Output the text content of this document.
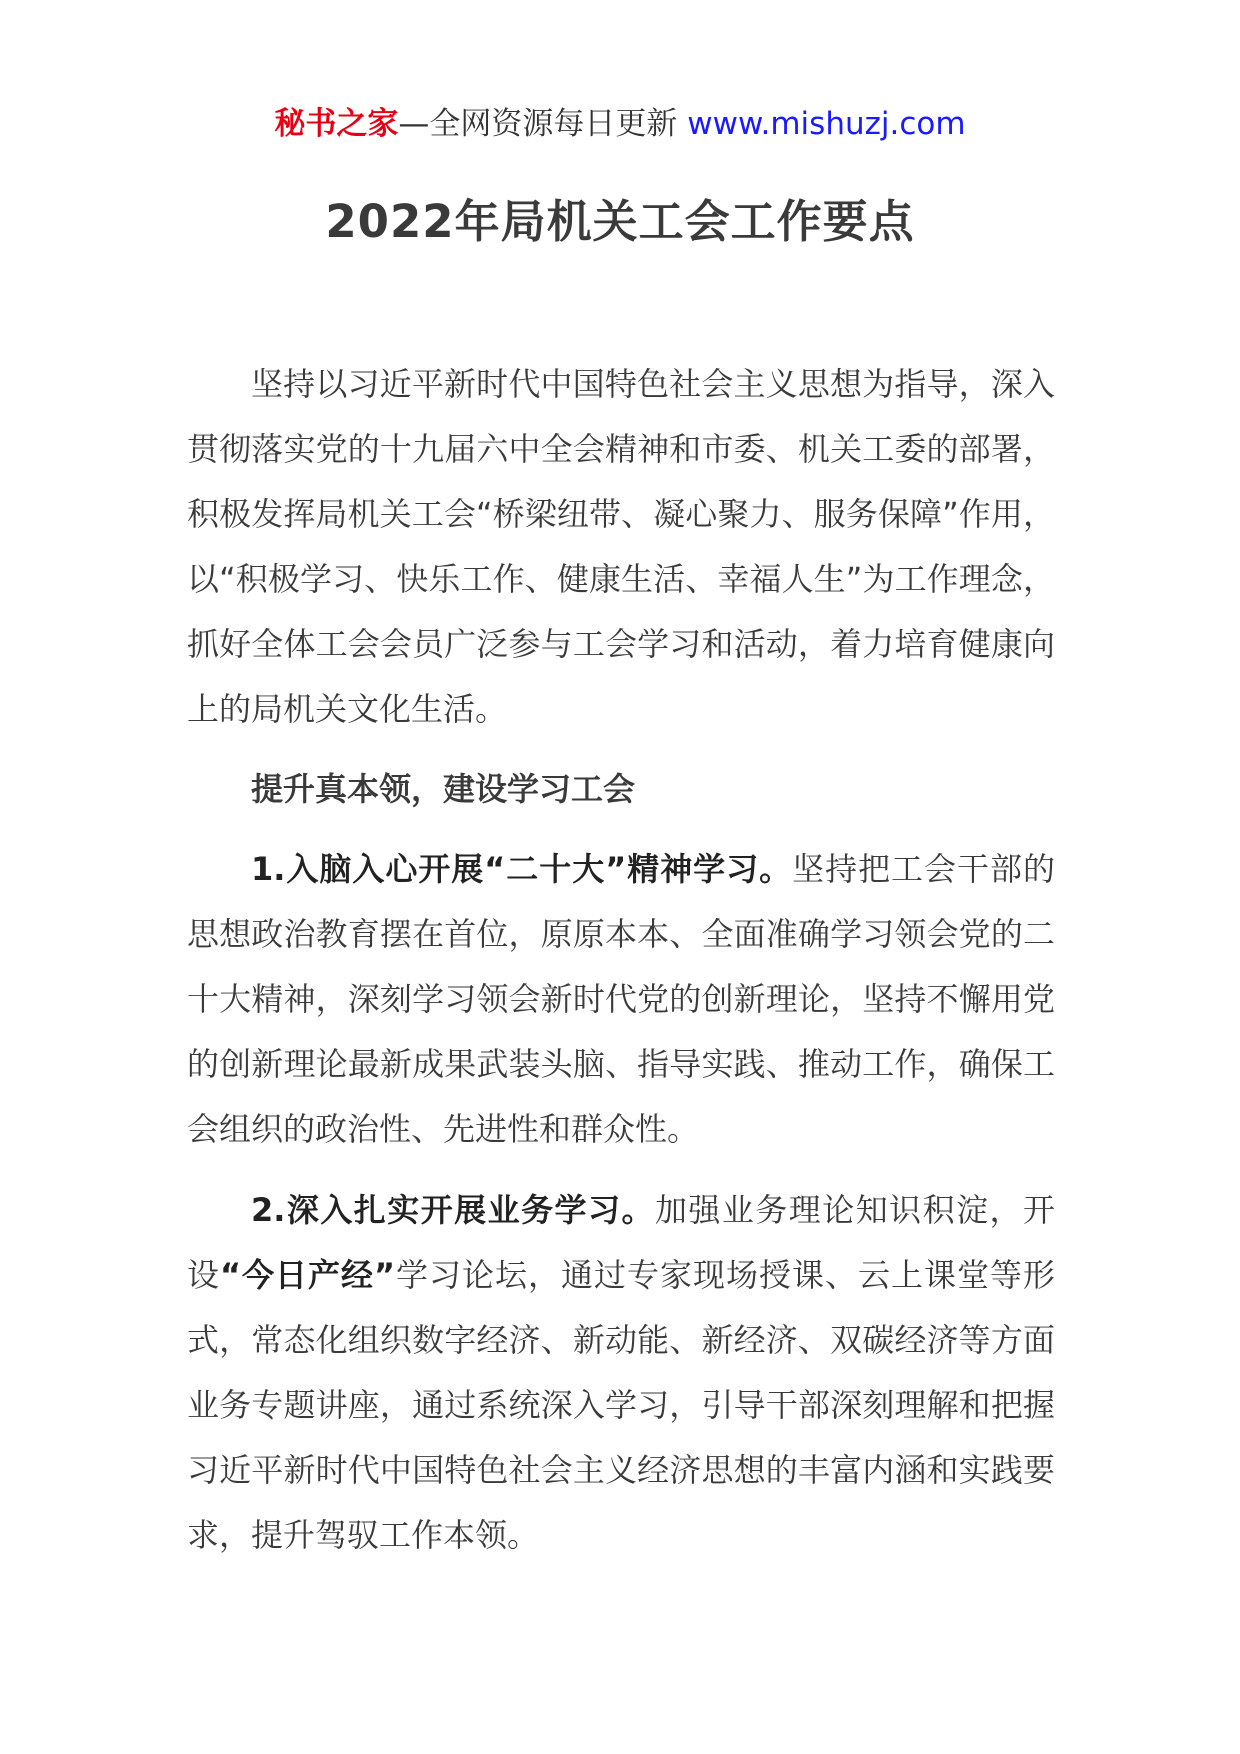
秘书之家—全网资源每日更新 www.mishuzj.com
2022年局机关工会工作要点

坚持以习近平新时代中国特色社会主义思想为指导，深入贯彻落实党的十九届六中全会精神和市委、机关工委的部署，积极发挥局机关工会“桥梁纽带、凝心聚力、服务保障”作用，以“积极学习、快乐工作、健康生活、幸福人生”为工作理念，抓好全体工会会员广泛参与工会学习和活动，着力培育健康向上的局机关文化生活。

提升真本领，建设学习工会

1.入脑入心开展“二十大”精神学习。坚持把工会干部的思想政治教育摆在首位，原原本本、全面准确学习领会党的二十大精神，深刻学习领会新时代党的创新理论，坚持不懈用党的创新理论最新成果武装头脑、指导实践、推动工作，确保工会组织的政治性、先进性和群众性。

2.深入扎实开展业务学习。加强业务理论知识积淀，开设“今日产经”学习论坛，通过专家现场授课、云上课堂等形式，常态化组织数字经济、新动能、新经济、双碳经济等方面业务专题讲座，通过系统深入学习，引导干部深刻理解和把握习近平新时代中国特色社会主义经济思想的丰富内涵和实践要求，提升驾驭工作本领。
